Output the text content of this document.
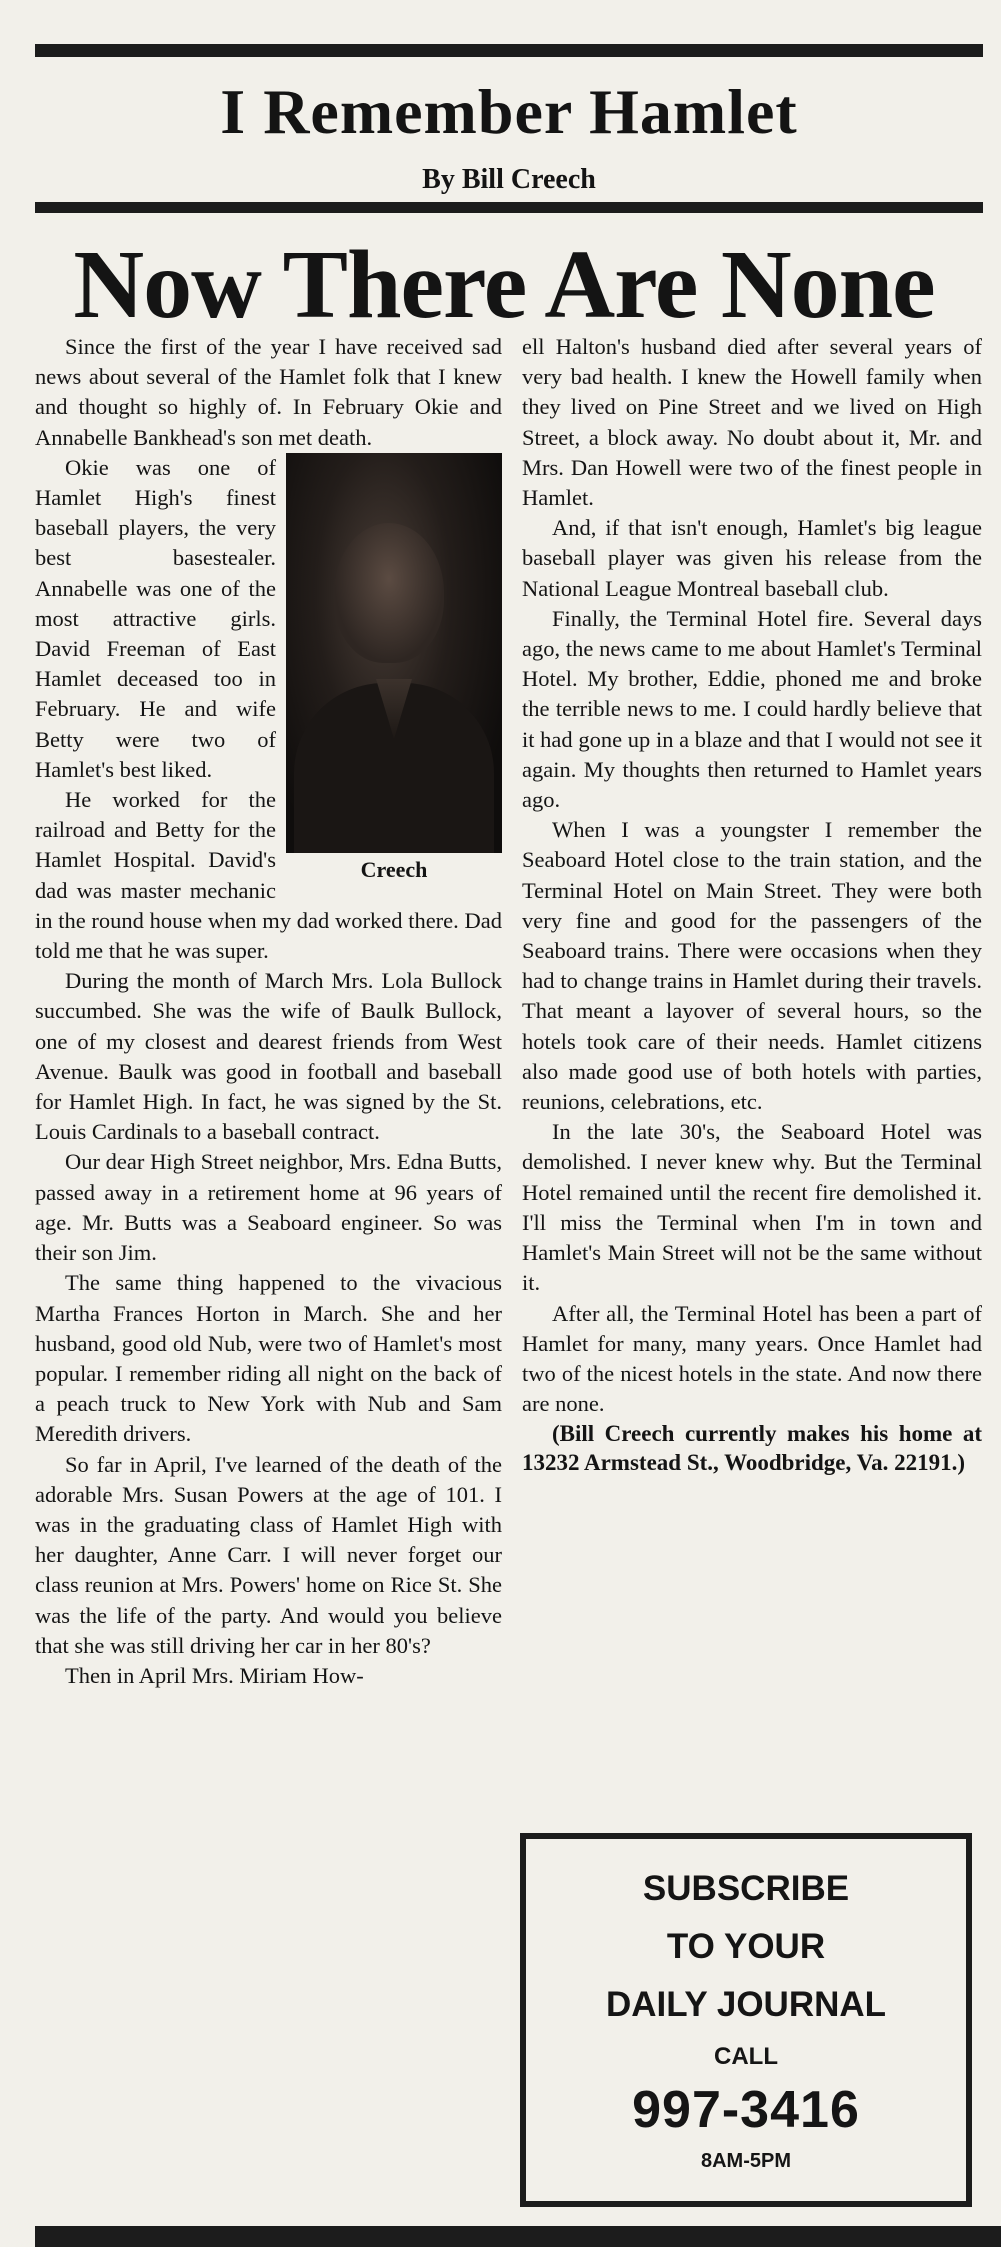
I Remember Hamlet
By Bill Creech
Now There Are None

Since the first of the year I have received sad news about several of the Hamlet folk that I knew and thought so highly of. In February Okie and Annabelle Bankhead's son met death.

Creech

Okie was one of Hamlet High's finest baseball players, the very best basestealer. Annabelle was one of the most attractive girls. David Freeman of East Hamlet deceased too in February. He and wife Betty were two of Hamlet's best liked.

He worked for the railroad and Betty for the Hamlet Hospital. David's dad was master mechanic in the round house when my dad worked there. Dad told me that he was super.

During the month of March Mrs. Lola Bullock succumbed. She was the wife of Baulk Bullock, one of my closest and dearest friends from West Avenue. Baulk was good in football and baseball for Hamlet High. In fact, he was signed by the St. Louis Cardinals to a baseball contract.

Our dear High Street neighbor, Mrs. Edna Butts, passed away in a retirement home at 96 years of age. Mr. Butts was a Seaboard engineer. So was their son Jim.

The same thing happened to the vivacious Martha Frances Horton in March. She and her husband, good old Nub, were two of Hamlet's most popular. I remember riding all night on the back of a peach truck to New York with Nub and Sam Meredith drivers.

So far in April, I've learned of the death of the adorable Mrs. Susan Powers at the age of 101. I was in the graduating class of Hamlet High with her daughter, Anne Carr. I will never forget our class reunion at Mrs. Powers' home on Rice St. She was the life of the party. And would you believe that she was still driving her car in her 80's?

Then in April Mrs. Miriam How-

ell Halton's husband died after several years of very bad health. I knew the Howell family when they lived on Pine Street and we lived on High Street, a block away. No doubt about it, Mr. and Mrs. Dan Howell were two of the finest people in Hamlet.

And, if that isn't enough, Hamlet's big league baseball player was given his release from the National League Montreal baseball club.

Finally, the Terminal Hotel fire. Several days ago, the news came to me about Hamlet's Terminal Hotel. My brother, Eddie, phoned me and broke the terrible news to me. I could hardly believe that it had gone up in a blaze and that I would not see it again. My thoughts then returned to Hamlet years ago.

When I was a youngster I remember the Seaboard Hotel close to the train station, and the Terminal Hotel on Main Street. They were both very fine and good for the passengers of the Seaboard trains. There were occasions when they had to change trains in Hamlet during their travels. That meant a layover of several hours, so the hotels took care of their needs. Hamlet citizens also made good use of both hotels with parties, reunions, celebrations, etc.

In the late 30's, the Seaboard Hotel was demolished. I never knew why. But the Terminal Hotel remained until the recent fire demolished it. I'll miss the Terminal when I'm in town and Hamlet's Main Street will not be the same without it.

After all, the Terminal Hotel has been a part of Hamlet for many, many years. Once Hamlet had two of the nicest hotels in the state. And now there are none.

(Bill Creech currently makes his home at 13232 Armstead St., Woodbridge, Va. 22191.)

SUBSCRIBE
TO YOUR
DAILY JOURNAL
CALL
997-3416
8AM-5PM
